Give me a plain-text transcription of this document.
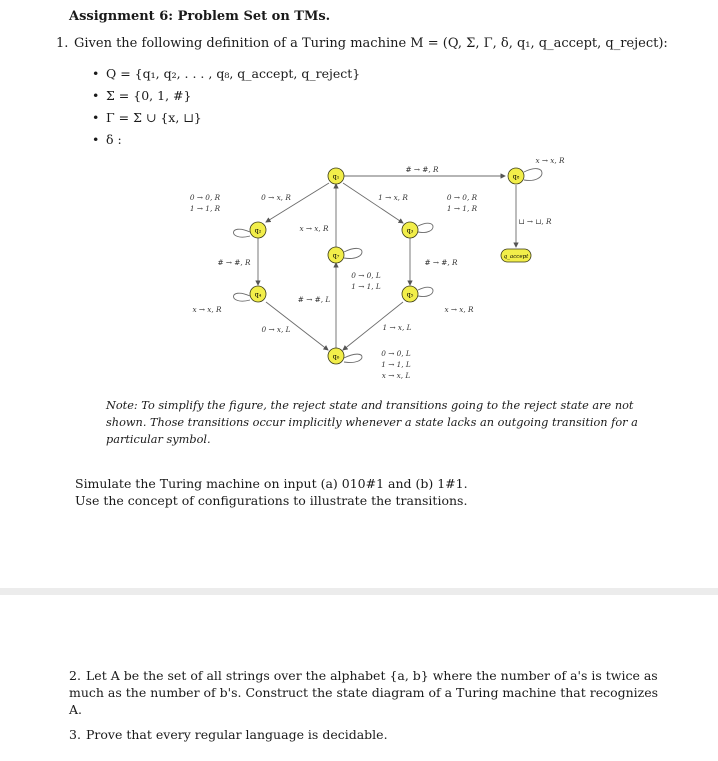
Assignment 6: Problem Set on TMs.
1. Given the following definition of a Turing machine M = (Q, Σ, Γ, δ, q₁, q_accept, q_reject):
• Q = {q₁, q₂, . . . , q₈, q_accept, q_reject}
• Σ = {0, 1, #}
• Γ = Σ ∪ {x, ⊔}
• δ :
q₁
q₂	q₃
q₄	q₅
q₆
q₇
q₈
q_accept
# → #, R
x → x, R
⊔ → ⊔, R
0 → 0, R
1 → 1, R
0 → x, R	1 → x, R	0 → 0, R
1 → 1, R
x → x, R
# → #, R	# → #, R
0 → 0, L
1 → 1, L
# → #, L
x → x, R	x → x, R
0 → x, L	1 → x, L
0 → 0, L
1 → 1, L
x → x, L
Note: To simplify the figure, the reject state and transitions going to the reject state are not shown. Those transitions occur implicitly whenever a state lacks an outgoing transition for a particular symbol.
Simulate the Turing machine on input (a) 010#1 and (b) 1#1.
Use the concept of configurations to illustrate the transitions.
2. Let A be the set of all strings over the alphabet {a, b} where the number of a's is twice as much as the number of b's. Construct the state diagram of a Turing machine that recognizes A.
3. Prove that every regular language is decidable.
